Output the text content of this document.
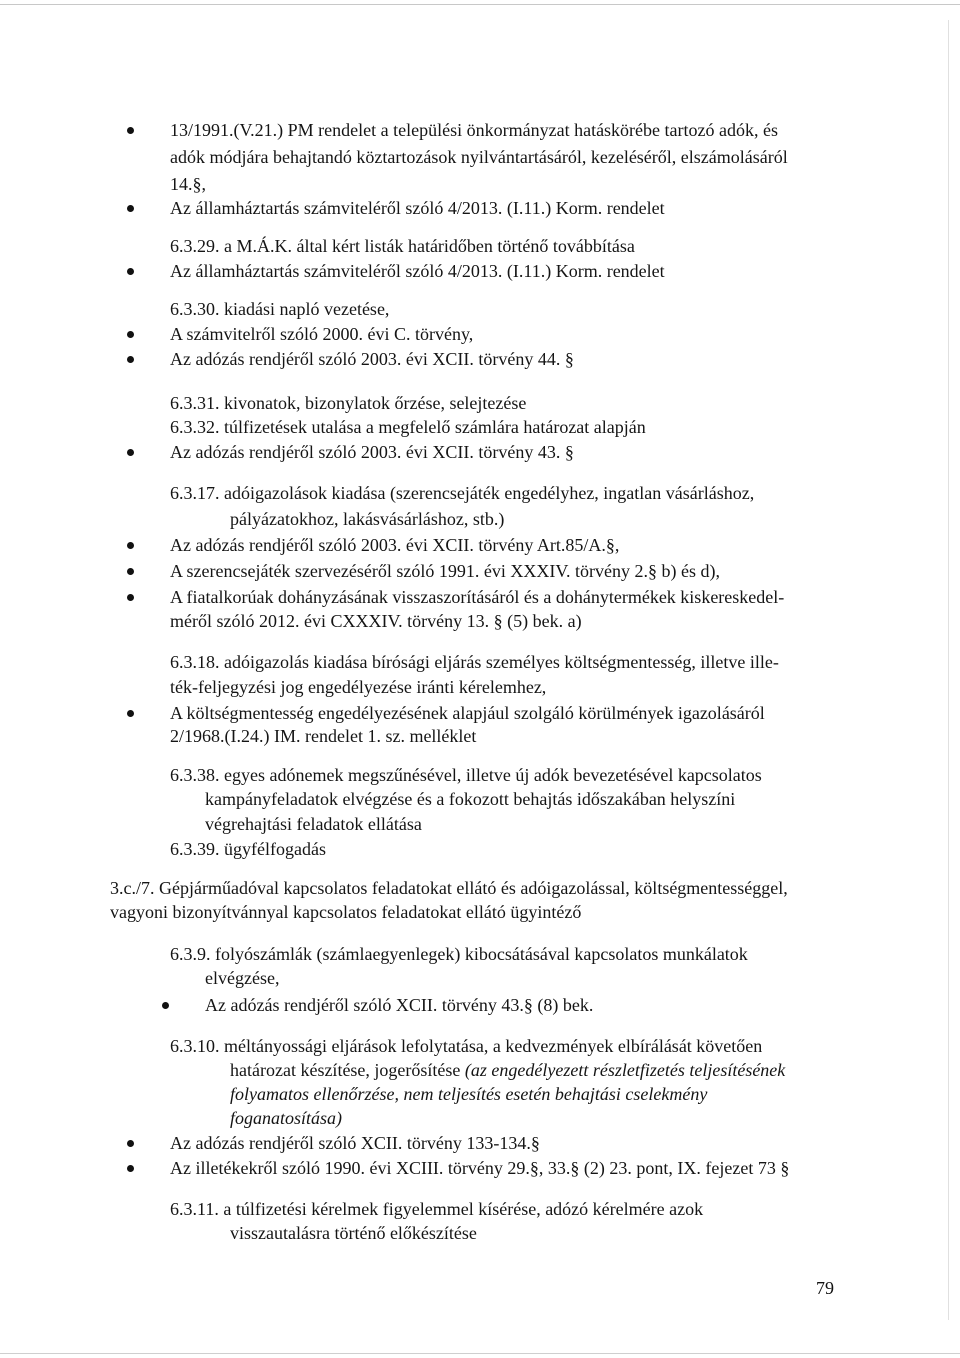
13/1991.(V.21.) PM rendelet a települési önkormányzat hatáskörébe tartozó adók, és
adók módjára behajtandó köztartozások nyilvántartásáról, kezeléséről, elszámolásáról
14.§,
Az államháztartás számviteléről szóló 4/2013. (I.11.) Korm. rendelet
6.3.29. a M.Á.K. által kért listák határidőben történő továbbítása
Az államháztartás számviteléről szóló 4/2013. (I.11.) Korm. rendelet
6.3.30. kiadási napló vezetése,
A számvitelről szóló 2000. évi C. törvény,
Az adózás rendjéről szóló 2003. évi XCII. törvény 44. §
6.3.31. kivonatok, bizonylatok őrzése, selejtezése
6.3.32. túlfizetések utalása a megfelelő számlára határozat alapján
Az adózás rendjéről szóló 2003. évi XCII. törvény 43. §
6.3.17. adóigazolások kiadása (szerencsejáték engedélyhez, ingatlan vásárláshoz,
pályázatokhoz, lakásvásárláshoz, stb.)
Az adózás rendjéről szóló 2003. évi XCII. törvény Art.85/A.§,
A szerencsejáték szervezéséről szóló 1991. évi XXXIV. törvény 2.§ b) és d),
A fiatalkorúak dohányzásának visszaszorításáról és a dohánytermékek kiskereskedel-
méről szóló 2012. évi CXXXIV. törvény 13. § (5) bek. a)
6.3.18. adóigazolás kiadása bírósági eljárás személyes költségmentesség, illetve ille-
ték-feljegyzési jog engedélyezése iránti kérelemhez,
A költségmentesség engedélyezésének alapjául szolgáló körülmények igazolásáról
2/1968.(I.24.) IM. rendelet 1. sz. melléklet
6.3.38. egyes adónemek megszűnésével, illetve új adók bevezetésével kapcsolatos
kampányfeladatok elvégzése és a fokozott behajtás időszakában helyszíni
végrehajtási feladatok ellátása
6.3.39. ügyfélfogadás
3.c./7. Gépjárműadóval kapcsolatos feladatokat ellátó és adóigazolással, költségmentességgel,
vagyoni bizonyítvánnyal kapcsolatos feladatokat ellátó ügyintéző
6.3.9. folyószámlák (számlaegyenlegek) kibocsátásával kapcsolatos munkálatok
elvégzése,
Az adózás rendjéről szóló XCII. törvény 43.§ (8) bek.
6.3.10. méltányossági eljárások lefolytatása, a kedvezmények elbírálását követően
határozat készítése, jogerősítése (az engedélyezett részletfizetés teljesítésének
folyamatos ellenőrzése, nem teljesítés esetén behajtási cselekmény
foganatosítása)
Az adózás rendjéről szóló XCII. törvény 133-134.§
Az illetékekről szóló 1990. évi XCIII. törvény 29.§, 33.§ (2) 23. pont, IX. fejezet 73 §
6.3.11. a túlfizetési kérelmek figyelemmel kísérése, adózó kérelmére azok
visszautalásra történő előkészítése
79
